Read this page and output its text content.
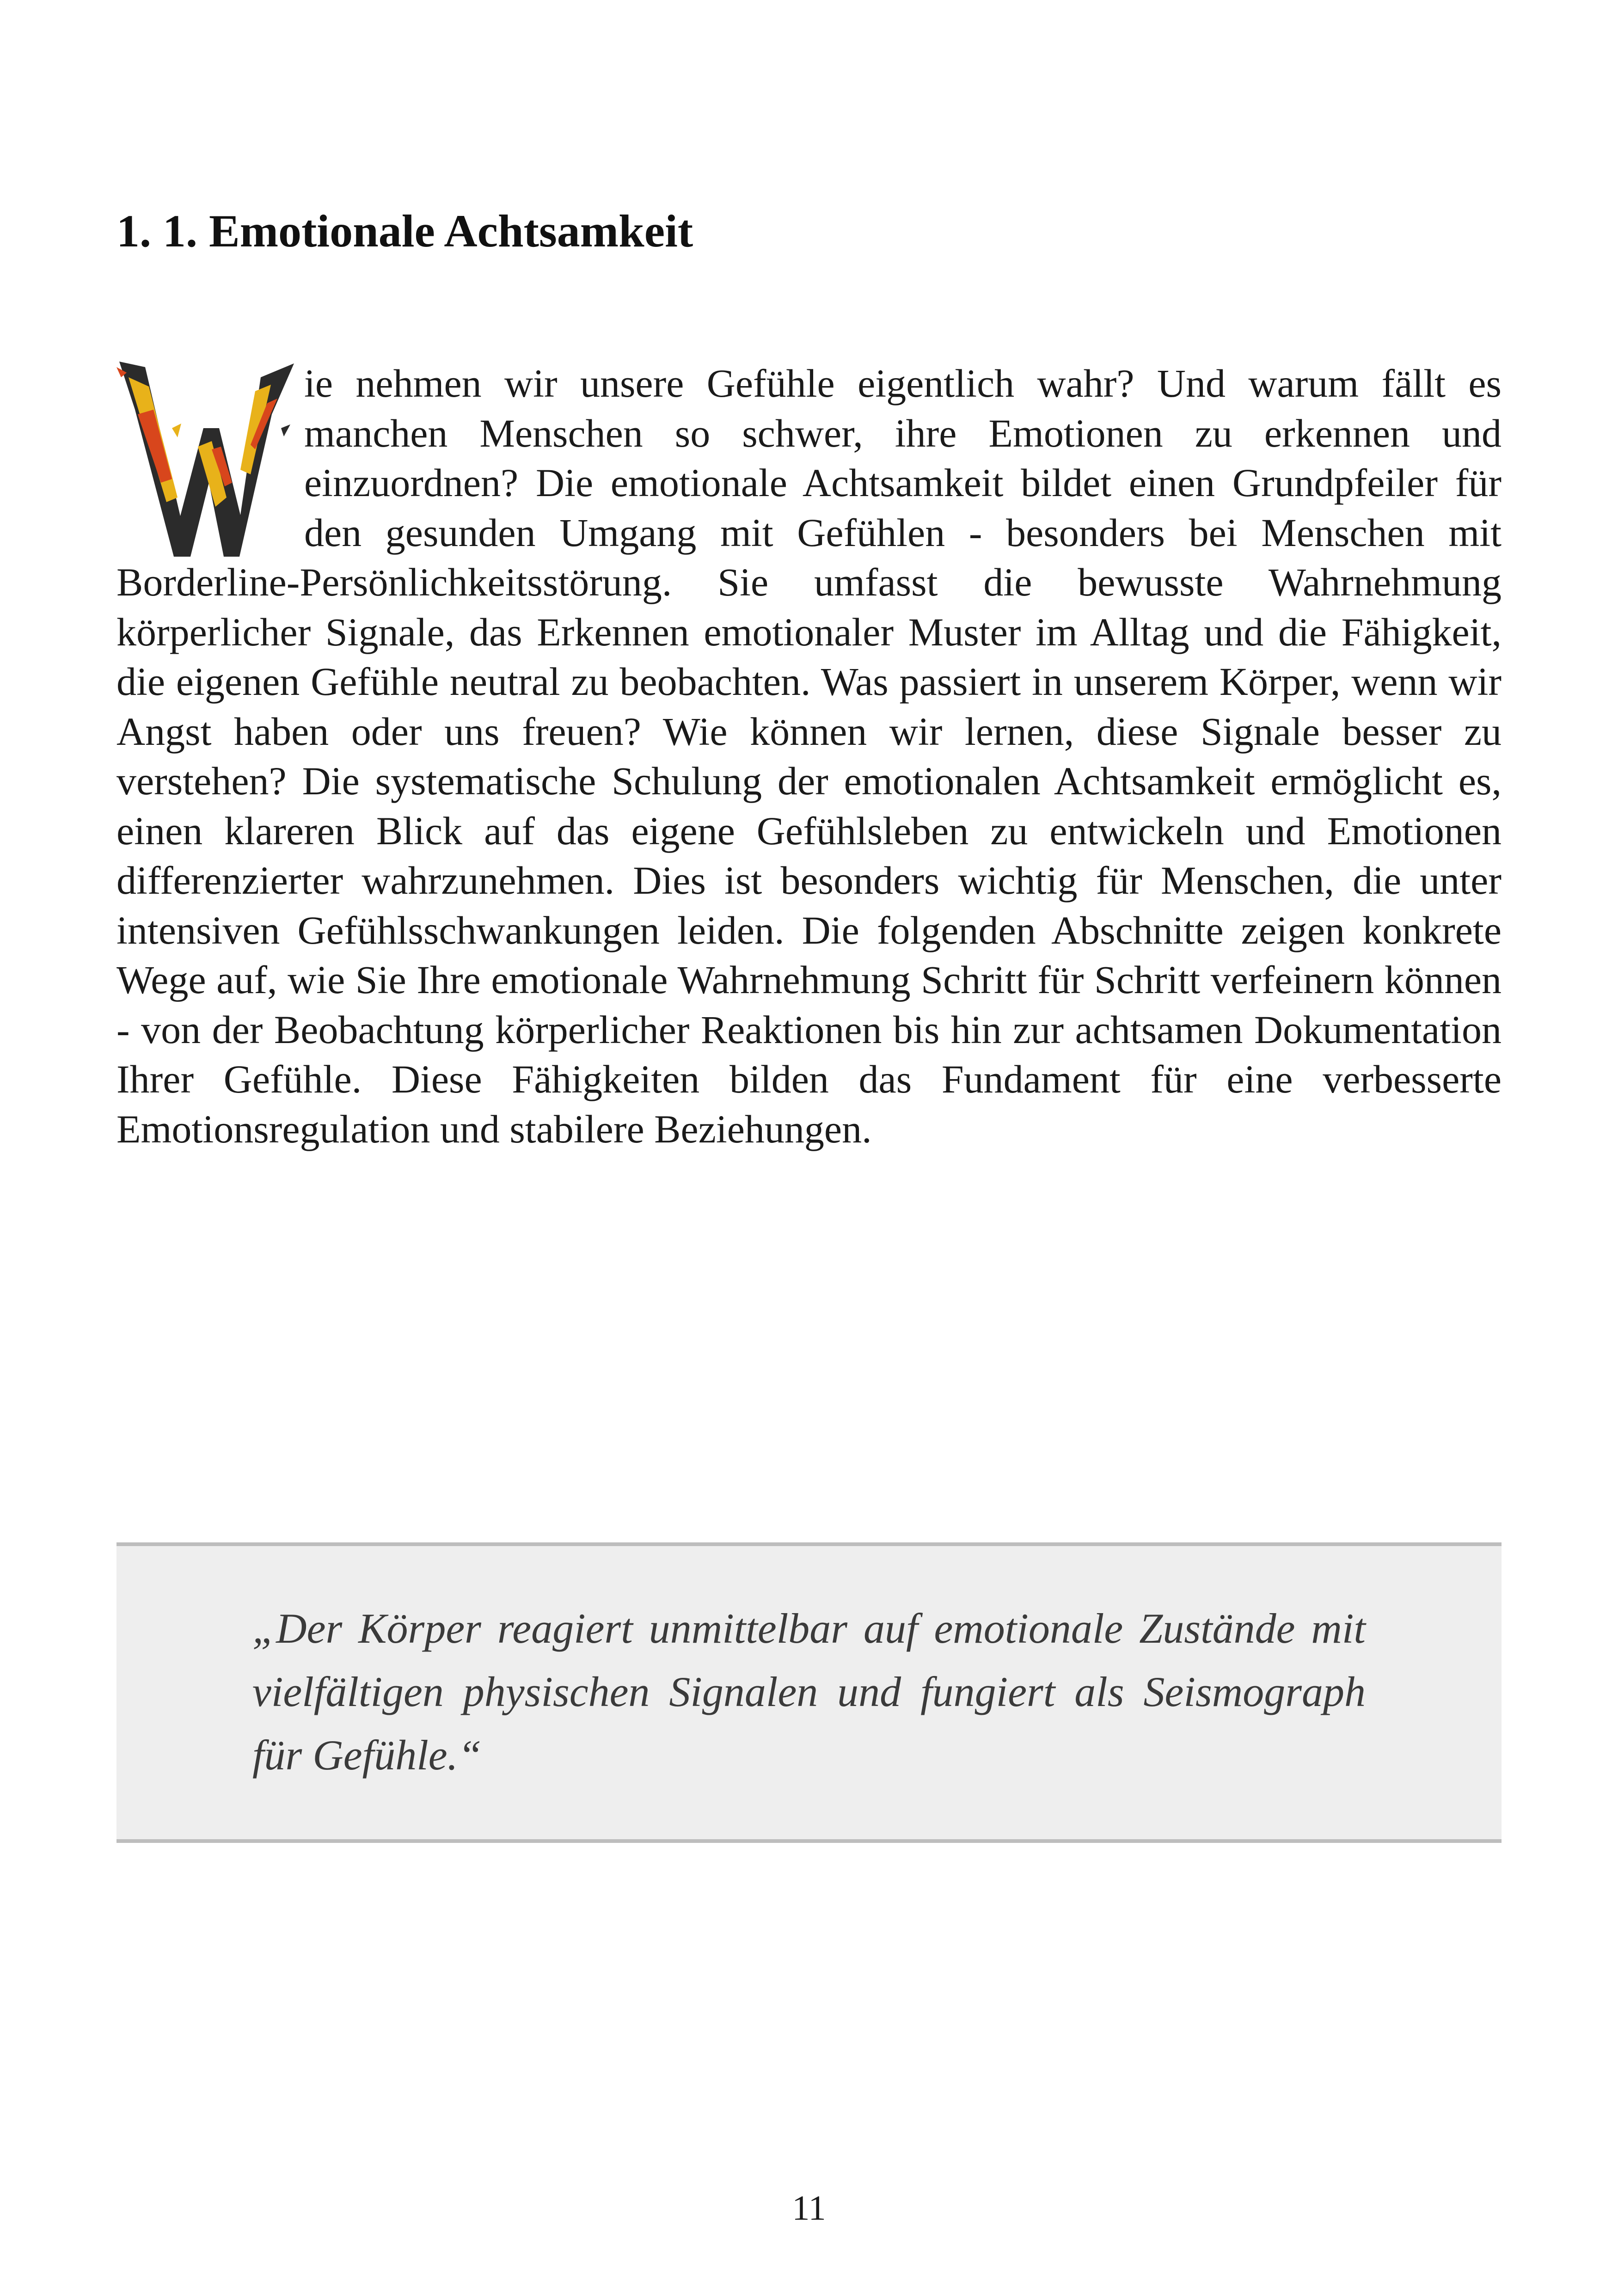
1. 1. Emotionale Achtsamkeit
ie nehmen wir unsere Gefühle eigentlich wahr? Und warum fällt es manchen Menschen so schwer, ihre Emotionen zu erkennen und einzuordnen? Die emotionale Achtsamkeit bildet einen Grundpfeiler für den gesunden Umgang mit Gefühlen - besonders bei Menschen mit Borderline-Persönlichkeitsstörung. Sie umfasst die bewusste Wahrnehmung körperlicher Signale, das Erkennen emotionaler Muster im Alltag und die Fähigkeit, die eigenen Gefühle neutral zu beobachten. Was passiert in unserem Körper, wenn wir Angst haben oder uns freuen? Wie können wir lernen, diese Signale besser zu verstehen? Die systematische Schulung der emotionalen Achtsamkeit ermöglicht es, einen klareren Blick auf das eigene Gefühlsleben zu entwickeln und Emotionen differenzierter wahrzunehmen. Dies ist besonders wichtig für Menschen, die unter intensiven Gefühlsschwankungen leiden. Die folgenden Abschnitte zeigen konkrete Wege auf, wie Sie Ihre emotionale Wahrnehmung Schritt für Schritt verfeinern können - von der Beobachtung körperlicher Reaktionen bis hin zur achtsamen Dokumentation Ihrer Gefühle. Diese Fähigkeiten bilden das Fundament für eine verbesserte Emotionsregulation und stabilere Beziehungen.

„Der Körper reagiert unmittelbar auf emotionale Zustände mit vielfältigen physischen Signalen und fungiert als Seismograph für Gefühle.“

11
